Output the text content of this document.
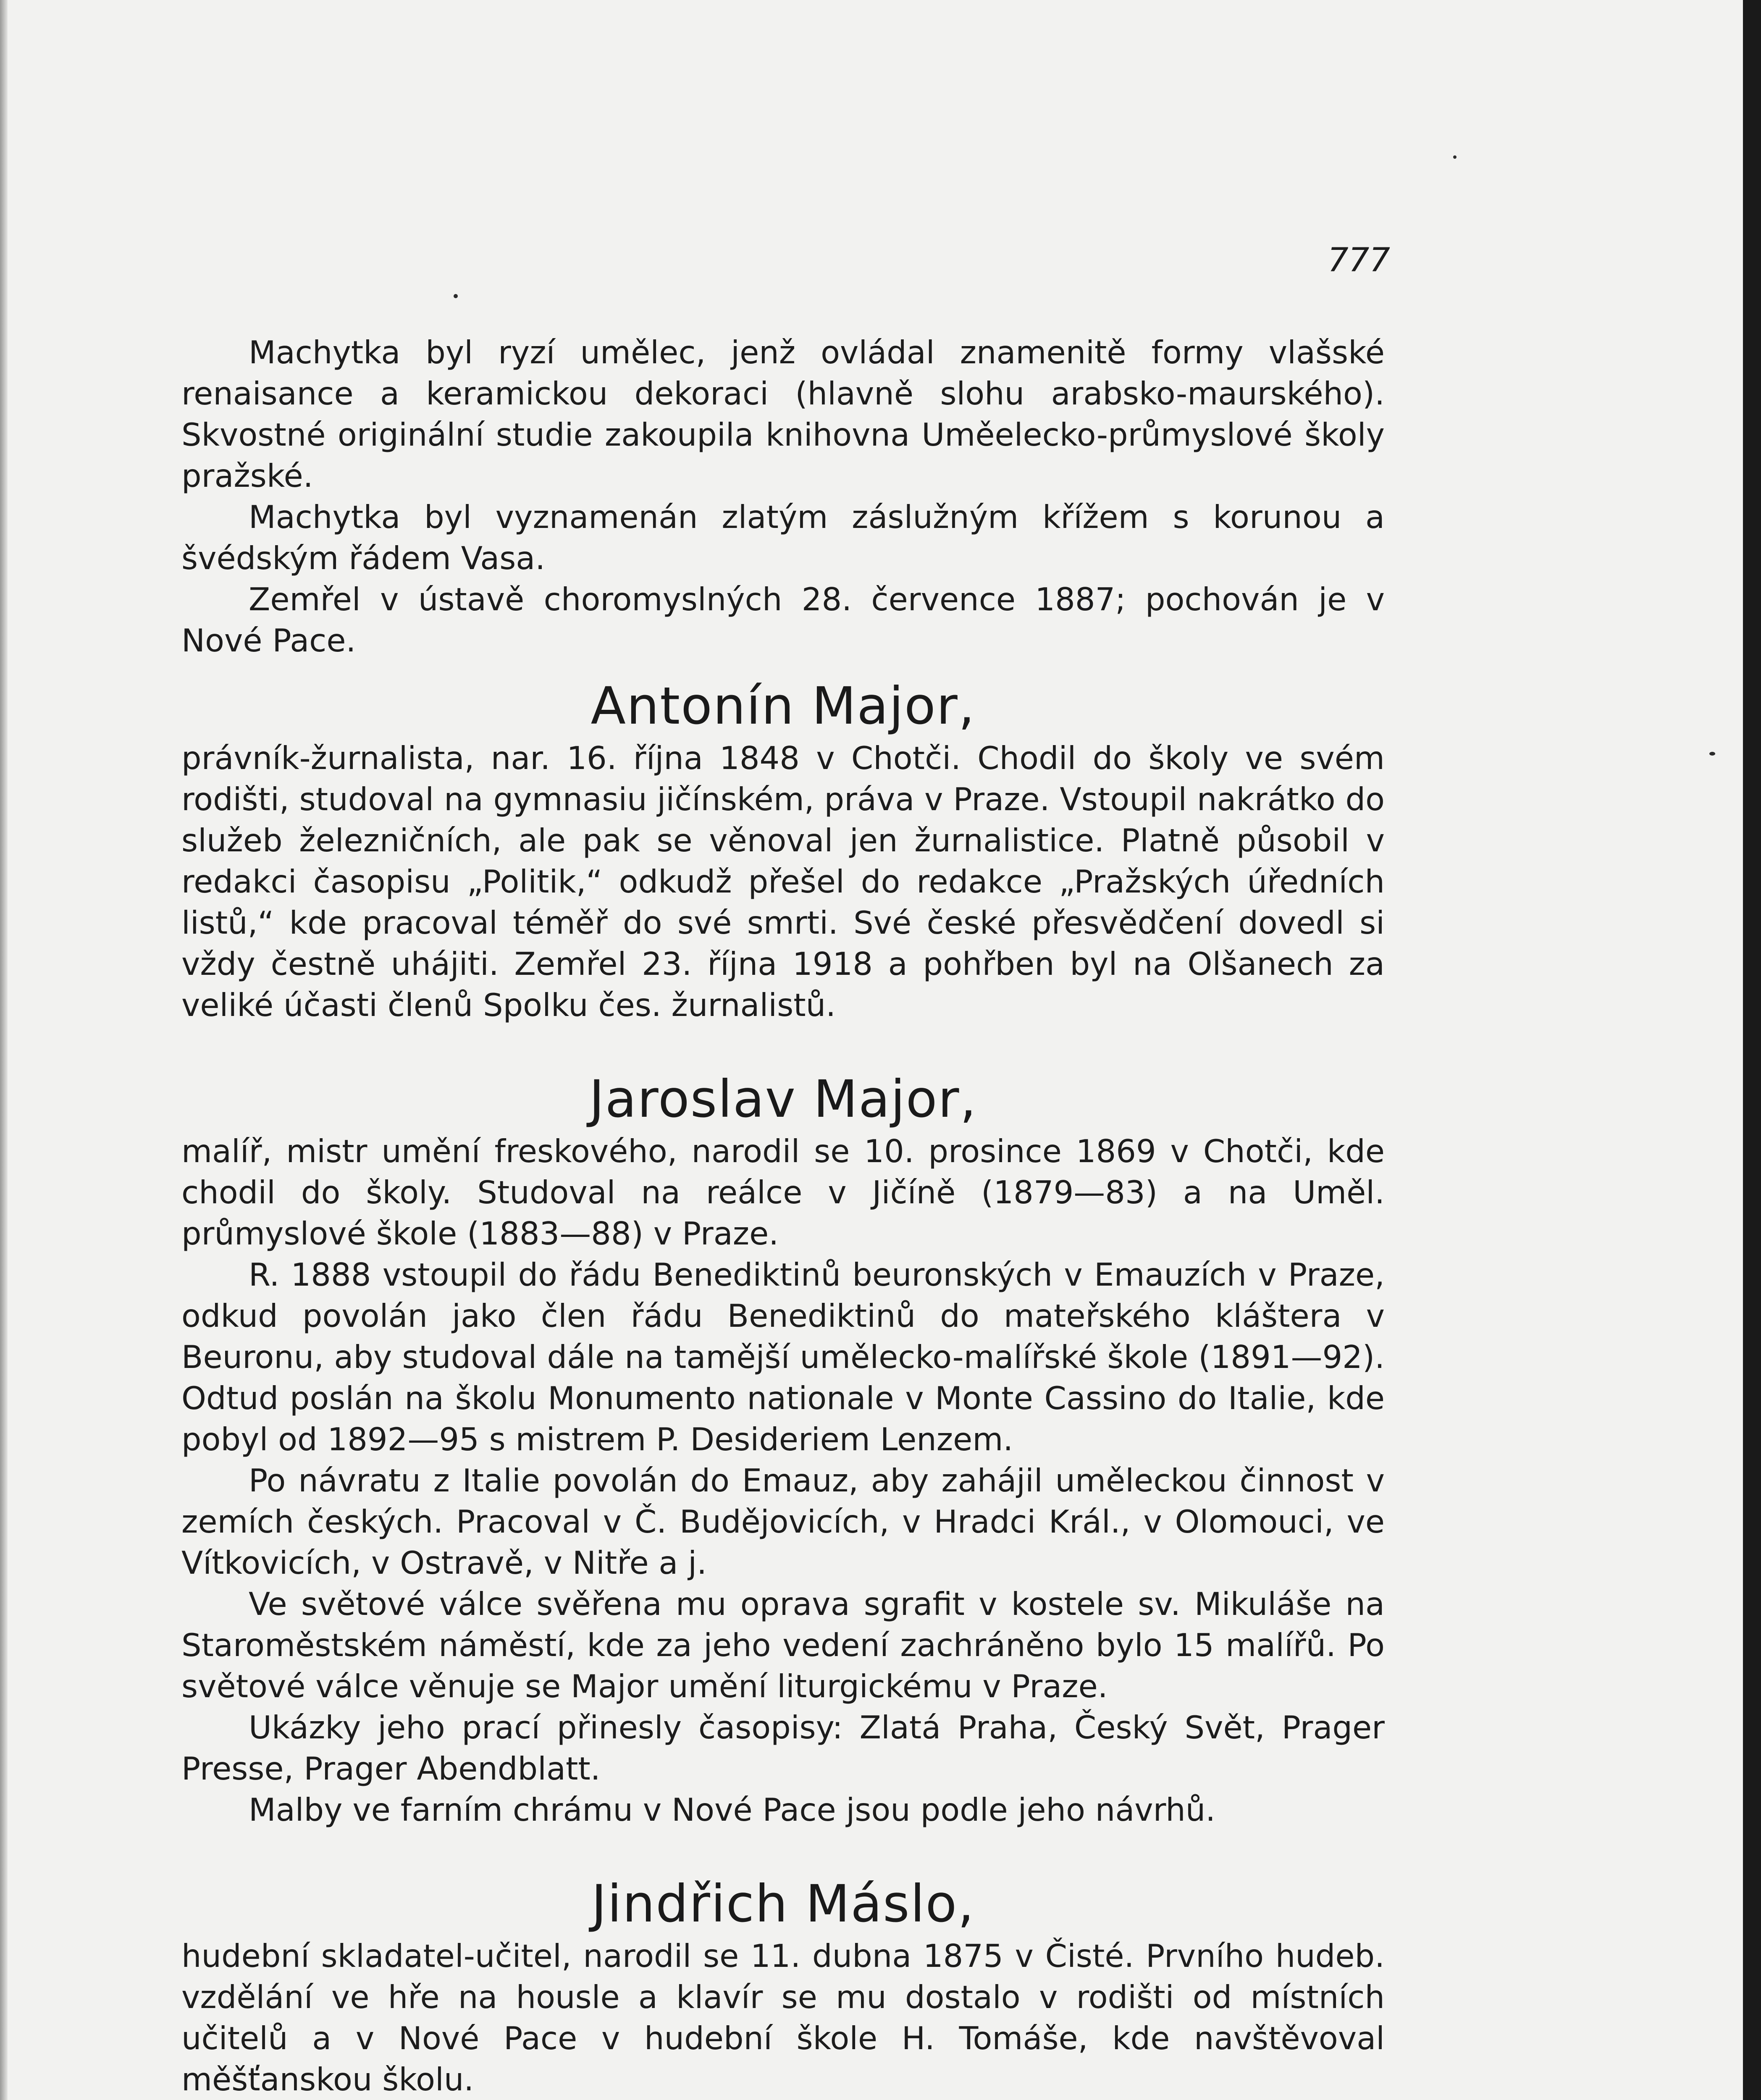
777

Machytka byl ryzí umělec, jenž ovládal znamenitě formy vlašské renaisance a keramickou dekoraci (hlavně slohu arabsko-maurského). Skvostné originální studie zakoupila knihovna Uměelecko-průmyslové školy pražské.

Machytka byl vyznamenán zlatým záslužným křížem s korunou a švédským řádem Vasa.

Zemřel v ústavě choromyslných 28. července 1887; pochován je v Nové Pace.

Antonín Major,

právník-žurnalista, nar. 16. října 1848 v Chotči. Chodil do školy ve svém rodišti, studoval na gymnasiu jičínském, práva v Praze. Vstoupil nakrátko do služeb železničních, ale pak se věnoval jen žurnalistice. Platně působil v redakci časopisu „Politik,“ odkudž přešel do redakce „Pražských úředních listů,“ kde pracoval téměř do své smrti. Své české přesvědčení dovedl si vždy čestně uhájiti. Zemřel 23. října 1918 a pohřben byl na Olšanech za veliké účasti členů Spolku čes. žurnalistů.

Jaroslav Major,

malíř, mistr umění freskového, narodil se 10. prosince 1869 v Chotči, kde chodil do školy. Studoval na reálce v Jičíně (1879—83) a na Uměl. průmyslové škole (1883—88) v Praze.

R. 1888 vstoupil do řádu Benediktinů beuronských v Emauzích v Praze, odkud povolán jako člen řádu Benediktinů do mateřského kláštera v Beuronu, aby studoval dále na tamější umělecko-malířské škole (1891—92). Odtud poslán na školu Monumento nationale v Monte Cassino do Italie, kde pobyl od 1892—95 s mistrem P. Desideriem Lenzem.

Po návratu z Italie povolán do Emauz, aby zahájil uměleckou činnost v zemích českých. Pracoval v Č. Budějovicích, v Hradci Král., v Olomouci, ve Vítkovicích, v Ostravě, v Nitře a j.

Ve světové válce svěřena mu oprava sgrafit v kostele sv. Mikuláše na Staroměstském náměstí, kde za jeho vedení zachráněno bylo 15 malířů. Po světové válce věnuje se Major umění liturgickému v Praze.

Ukázky jeho prací přinesly časopisy: Zlatá Praha, Český Svět, Prager Presse, Prager Abendblatt.

Malby ve farním chrámu v Nové Pace jsou podle jeho návrhů.

Jindřich Máslo,

hudební skladatel-učitel, narodil se 11. dubna 1875 v Čisté. Prvního hudeb. vzdělání ve hře na housle a klavír se mu dostalo v rodišti od místních učitelů a v Nové Pace v hudební škole H. Tomáše, kde navštěvoval měšťanskou školu.
